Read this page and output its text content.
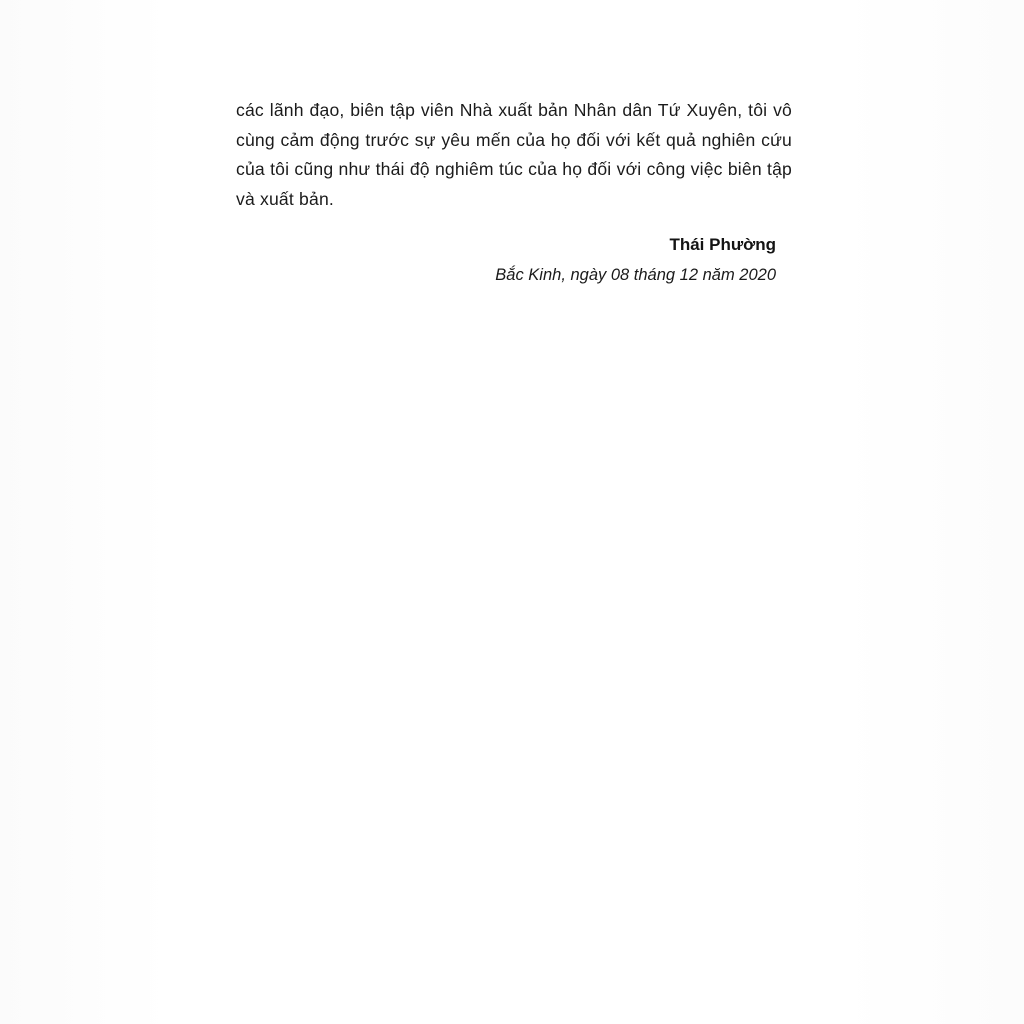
các lãnh đạo, biên tập viên Nhà xuất bản Nhân dân Tứ Xuyên, tôi vô cùng cảm động trước sự yêu mến của họ đối với kết quả nghiên cứu của tôi cũng như thái độ nghiêm túc của họ đối với công việc biên tập và xuất bản.

Thái Phường

Bắc Kinh, ngày 08 tháng 12 năm 2020
